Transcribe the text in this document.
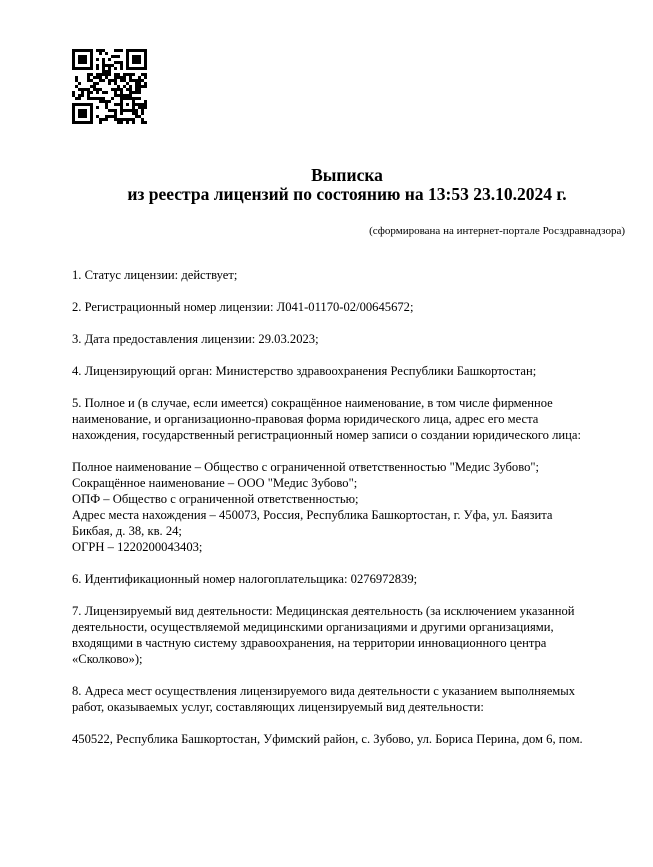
Выписка
из реестра лицензий по состоянию на 13:53 23.10.2024 г.
(сформирована на интернет-портале Росздравнадзора)
1. Статус лицензии: действует;
2. Регистрационный номер лицензии: Л041-01170-02/00645672;
3. Дата предоставления лицензии: 29.03.2023;
4. Лицензирующий орган: Министерство здравоохранения Республики Башкортостан;
5. Полное и (в случае, если имеется) сокращённое наименование, в том числе фирменное
наименование, и организационно-правовая форма юридического лица, адрес его места
нахождения, государственный регистрационный номер записи о создании юридического лица:
Полное наименование – Общество с ограниченной ответственностью "Медис Зубово";
Сокращённое наименование – ООО "Медис Зубово";
ОПФ – Общество с ограниченной ответственностью;
Адрес места нахождения – 450073, Россия, Республика Башкортостан, г. Уфа, ул. Баязита
Бикбая, д. 38, кв. 24;
ОГРН – 1220200043403;
6. Идентификационный номер налогоплательщика: 0276972839;
7. Лицензируемый вид деятельности: Медицинская деятельность (за исключением указанной
деятельности, осуществляемой медицинскими организациями и другими организациями,
входящими в частную систему здравоохранения, на территории инновационного центра
«Сколково»);
8. Адреса мест осуществления лицензируемого вида деятельности с указанием выполняемых
работ, оказываемых услуг, составляющих лицензируемый вид деятельности:
450522, Республика Башкортостан, Уфимский район, с. Зубово, ул. Бориса Перина, дом 6, пом.
